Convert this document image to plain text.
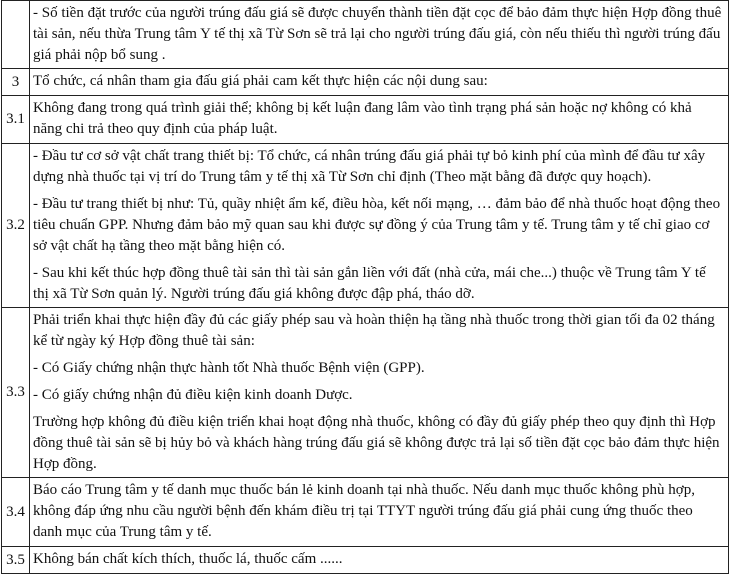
	- Số tiền đặt trước của người trúng đấu giá sẽ được chuyển thành tiền đặt cọc để bảo đảm thực hiện Hợp đồng thuê tài sản, nếu thừa Trung tâm Y tế thị xã Từ Sơn sẽ trả lại cho người trúng đấu giá, còn nếu thiếu thì người trúng đấu giá phải nộp bổ sung .

3	Tổ chức, cá nhân tham gia đấu giá phải cam kết thực hiện các nội dung sau:

3.1	Không đang trong quá trình giải thể; không bị kết luận đang lâm vào tình trạng phá sản hoặc nợ không có khả năng chi trả theo quy định của pháp luật.

3.2	- Đầu tư cơ sở vật chất trang thiết bị: Tổ chức, cá nhân trúng đấu giá phải tự bỏ kinh phí của mình để đầu tư xây dựng nhà thuốc tại vị trí do Trung tâm y tế thị xã Từ Sơn chỉ định (Theo mặt bằng đã được quy hoạch).

- Đầu tư trang thiết bị như: Tủ, quầy nhiệt ẩm kế, điều hòa, kết nối mạng, … đảm bảo để nhà thuốc hoạt động theo tiêu chuẩn GPP. Nhưng đảm bảo mỹ quan sau khi được sự đồng ý của Trung tâm y tế. Trung tâm y tế chỉ giao cơ sở vật chất hạ tầng theo mặt bằng hiện có.

- Sau khi kết thúc hợp đồng thuê tài sản thì tài sản gắn liền với đất (nhà cửa, mái che...) thuộc về Trung tâm Y tế thị xã Từ Sơn quản lý. Người trúng đấu giá không được đập phá, tháo dỡ.

3.3	Phải triển khai thực hiện đầy đủ các giấy phép sau và hoàn thiện hạ tầng nhà thuốc trong thời gian tối đa 02 tháng kể từ ngày ký Hợp đồng thuê tài sản:

- Có Giấy chứng nhận thực hành tốt Nhà thuốc Bệnh viện (GPP).

- Có giấy chứng nhận đủ điều kiện kinh doanh Dược.

Trường hợp không đủ điều kiện triển khai hoạt động nhà thuốc, không có đầy đủ giấy phép theo quy định thì Hợp đồng thuê tài sản sẽ bị hủy bỏ và khách hàng trúng đấu giá sẽ không được trả lại số tiền đặt cọc bảo đảm thực hiện Hợp đồng.

3.4	Báo cáo Trung tâm y tế danh mục thuốc bán lẻ kinh doanh tại nhà thuốc. Nếu danh mục thuốc không phù hợp, không đáp ứng nhu cầu người bệnh đến khám điều trị tại TTYT người trúng đấu giá phải cung ứng thuốc theo danh mục của Trung tâm y tế.

3.5	Không bán chất kích thích, thuốc lá, thuốc cấm ......
